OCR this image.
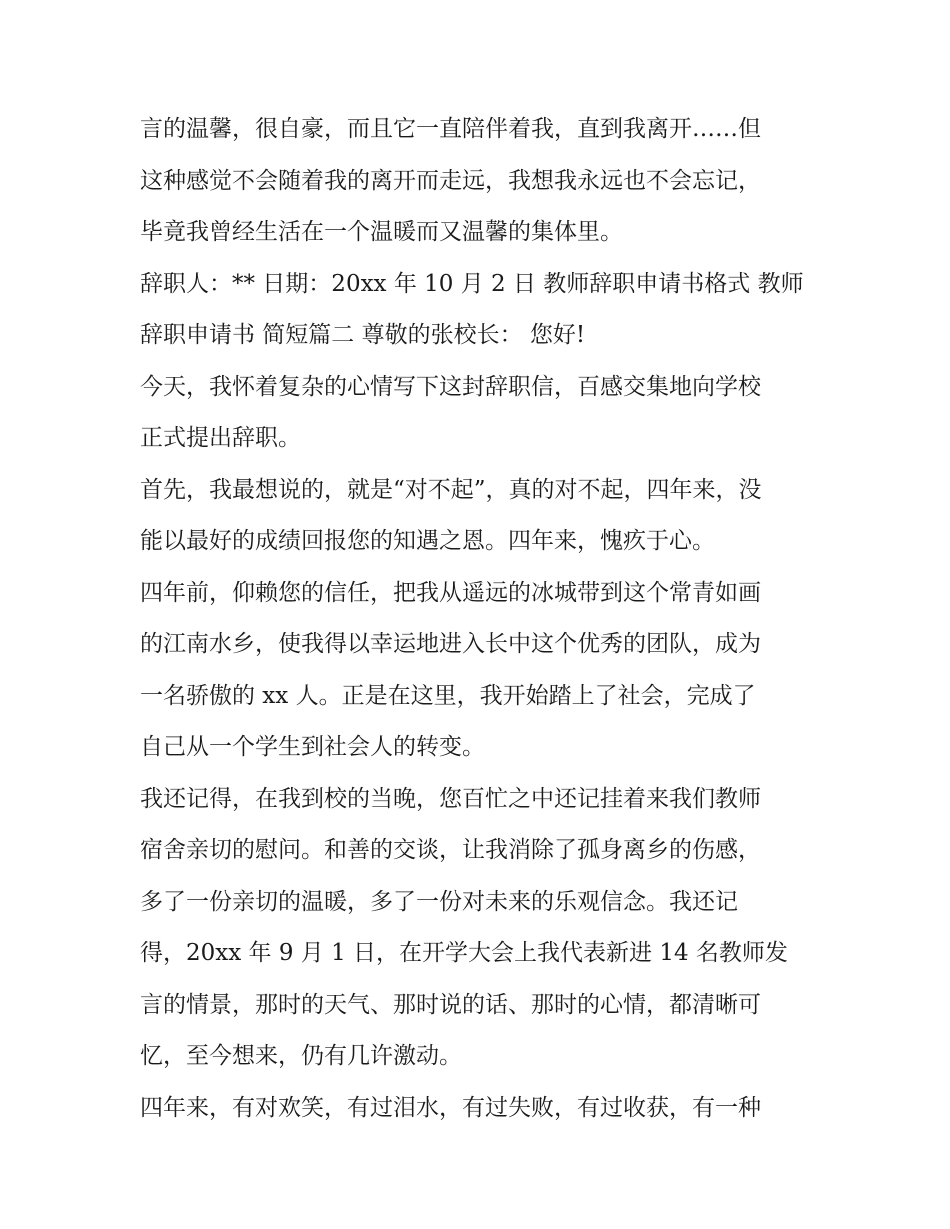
言的温馨，很自豪，而且它一直陪伴着我，直到我离开……但
这种感觉不会随着我的离开而走远，我想我永远也不会忘记，
毕竟我曾经生活在一个温暖而又温馨的集体里。
辞职人：** 日期：20xx 年 10 月 2 日 教师辞职申请书格式 教师
辞职申请书 简短篇二 尊敬的张校长： 您好!
今天，我怀着复杂的心情写下这封辞职信，百感交集地向学校
正式提出辞职。
首先，我最想说的，就是“对不起”，真的对不起，四年来，没
能以最好的成绩回报您的知遇之恩。四年来，愧疚于心。
四年前，仰赖您的信任，把我从遥远的冰城带到这个常青如画
的江南水乡，使我得以幸运地进入长中这个优秀的团队，成为
一名骄傲的 xx 人。正是在这里，我开始踏上了社会，完成了
自己从一个学生到社会人的转变。
我还记得，在我到校的当晚，您百忙之中还记挂着来我们教师
宿舍亲切的慰问。和善的交谈，让我消除了孤身离乡的伤感，
多了一份亲切的温暖，多了一份对未来的乐观信念。我还记
得，20xx 年 9 月 1 日，在开学大会上我代表新进 14 名教师发
言的情景，那时的天气、那时说的话、那时的心情，都清晰可
忆，至今想来，仍有几许激动。
四年来，有对欢笑，有过泪水，有过失败，有过收获，有一种
